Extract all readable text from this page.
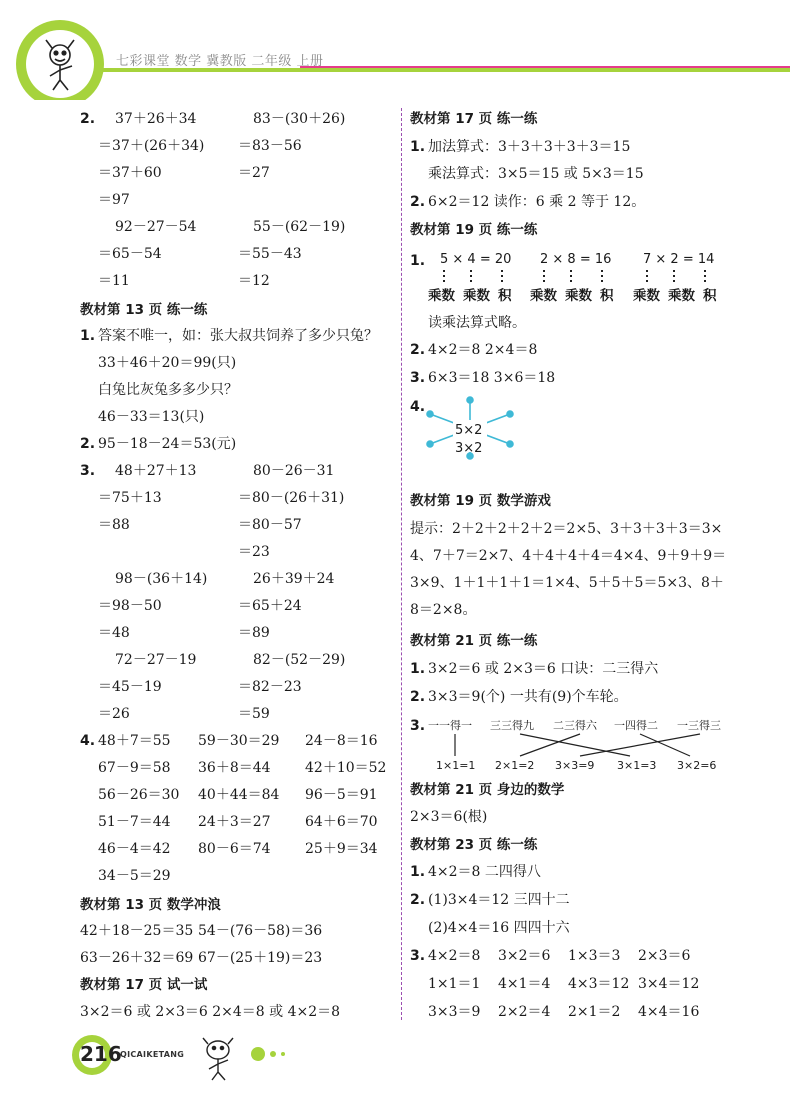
七彩课堂 数学 冀教版 二年级 上册
2. 37＋26＋34
＝37＋(26＋34)
＝37＋60
＝97
83－(30＋26)
＝83－56
＝27
92－27－54
＝65－54
＝11
55－(62－19)
＝55－43
＝12
教材第 13 页 练一练
1. 答案不唯一，如：张大叔共饲养了多少只兔？
33＋46＋20＝99(只)
白兔比灰兔多多少只？
46－33＝13(只)
2. 95－18－24＝53(元)
3. 48＋27＋13
＝75＋13
＝88
80－26－31
＝80－(26＋31)
＝80－57
＝23
98－(36＋14)
＝98－50
＝48
26＋39＋24
＝65＋24
＝89
72－27－19
＝45－19
＝26
82－(52－29)
＝82－23
＝59
4. 48＋7＝55 59－30＝29 24－8＝16
67－9＝58 36＋8＝44 42＋10＝52
56－26＝30 40＋44＝84 96－5＝91
51－7＝44 24＋3＝27 64＋6＝70
46－4＝42 80－6＝74 25＋9＝34
34－5＝29
教材第 13 页 数学冲浪
42＋18－25＝35 54－(76－58)＝36
63－26＋32＝69 67－(25＋19)＝23
教材第 17 页 试一试
3×2＝6 或 2×3＝6 2×4＝8 或 4×2＝8
教材第 17 页 练一练
1. 加法算式：3＋3＋3＋3＋3＝15
乘法算式：3×5＝15 或 5×3＝15
2. 6×2＝12 读作：6 乘 2 等于 12。
教材第 19 页 练一练
1. 5 × 4 = 20 2 × 8 = 16 7 × 2 = 14
乘数 乘数 积 乘数 乘数 积 乘数 乘数 积
读乘法算式略。
2. 4×2＝8 2×4＝8
3. 6×3＝18 3×6＝18
4.
5×2
3×2
教材第 19 页 数学游戏
提示：2＋2＋2＋2＋2＝2×5、3＋3＋3＋3＝3×
4、7＋7＝2×7、4＋4＋4＋4＝4×4、9＋9＋9＝
3×9、1＋1＋1＋1＝1×4、5＋5＋5＝5×3、8＋
8＝2×8。
教材第 21 页 练一练
1. 3×2＝6 或 2×3＝6 口诀：二三得六
2. 3×3＝9(个) 一共有(9)个车轮。
3. 一一得一 三三得九 二三得六 一四得二 一三得三
1×1=1 2×1=2 3×3=9 3×1=3 3×2=6
教材第 21 页 身边的数学
2×3＝6(根)
教材第 23 页 练一练
1. 4×2＝8 二四得八
2. (1)3×4＝12 三四十二
(2)4×4＝16 四四十六
3. 4×2＝8 3×2＝6 1×3＝3 2×3＝6
1×1＝1 4×1＝4 4×3＝12 3×4＝12
3×3＝9 2×2＝4 2×1＝2 4×4＝16
216
QICAIKETANG
